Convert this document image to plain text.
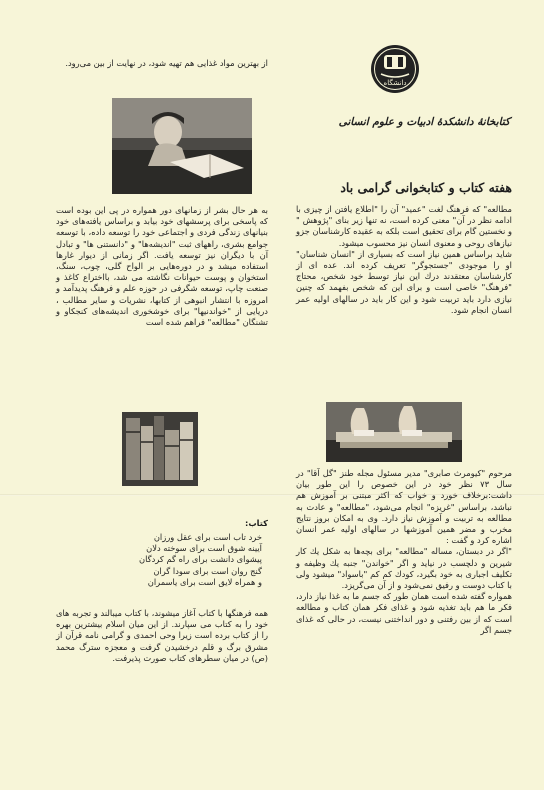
دانشگاه
کتابخانهٔ دانشکدهٔ ادبیات و علوم انسانی
هفته کتاب و کتابخوانی گرامی باد

مطالعه" که فرهنگ لغت "عمید" آن را "اطلاع یافتن از چیزی با ادامه نظر در آن" معنی کرده است، نه تنها زیر بنای "پژوهش " و نخستین گام برای تحقیق است بلکه به عقیده کارشناسان جزو نیازهای روحی و معنوی انسان نیز محسوب میشود.

شاید براساس همین نیاز است که بسیاری از "انسان شناسان" او را موجودی "جستجوگر" تعریف کرده اند. عده ای از کارشناسان معتقدند درك این نیاز توسط خود شخص، محتاج "فرهنگ" خاصی است و برای این که شخص بفهمد که چنین نیازی دارد باید تربیت شود و این کار باید در سالهای اولیه عمر انسان انجام شود.

مرحوم "کیومرث صابری" مدیر مسئول مجله طنز "گل آقا" در سال ۷۳ نظر خود در این خصوص را این طور بیان داشت:برخلاف خورد و خواب که اکثر مبتنی بر آموزش هم نباشد، براساس "غریزه" انجام می‌شود، "مطالعه" و عادت به مطالعه به تربیت و آموزش نیاز دارد. وی به امکان بروز نتایج مخرب و مضر همین آموزشها در سالهای اولیه عمر انسان اشاره کرد و گفت :

"اگر در دبستان، مساله "مطالعه" برای بچه‌ها به شکل یك کار شیرین و دلچسب در نیاید و اگر "خواندن" جنبه یك وظیفه و تکلیف اجباری به خود بگیرد، کودك کم کم "باسواد" میشود ولی با کتاب دوست و رفیق نمی‌شود و از آن می‌گریزد.

همواره گفته شده است همان طور که جسم ما به غذا نیاز دارد، فکر ما هم باید تغذیه شود و غذای فکر همان کتاب و مطالعه است که از بین رفتنی و دور انداختنی نیست، در حالی که غذای جسم اگر

از بهترین مواد غذایی هم تهیه شود، در نهایت از بین می‌رود.

به هر حال بشر از زمانهای دور همواره در پی این بوده است که پاسخی برای پرسشهای خود بیابد و براساس یافته‌های خود بنیانهای زندگی فردی و اجتماعی خود را توسعه داده، با توسعه جوامع بشری، راههای ثبت "اندیشه‌ها" و "دانستنی ها" و تبادل آن با دیگران نیز توسعه یافت. اگر زمانی از دیوار غارها استفاده میشد و در دوره‌هایی بر الواح گلی، چوب، سنگ، استخوان و پوست حیوانات نگاشته می شد، بااختراع کاغذ و صنعت چاپ، توسعه شگرفی در حوزه علم و فرهنگ پدیدآمد و امروزه با انتشار انبوهی از کتابها، نشریات و سایر مطالب ، دریایی از "خواندنیها" برای خوشخوری اندیشه‌های کنجکاو و تشنگان "مطالعه" فراهم شده است

کتاب:
خرد تاب است برای عقل ورزان
آیینه شوق است برای سوخته دلان
پیشوای دانشت برای راه گم کردگان
گنج روان است برای سودا گران
و همراه لایق است برای یاسمران

همه فرهنگها با کتاب آغاز میشوند، با کتاب میبالند و تجربه های خود را به کتاب می سپارند. از این میان اسلام بیشترین بهره را از کتاب برده است زیرا وحی احمدی و گرامی نامه قرآن از مشرق برگ و قلم درخشیدن گرفت و معجزه سترگ محمد (ص) در میان سطرهای کتاب صورت پذیرفت.
